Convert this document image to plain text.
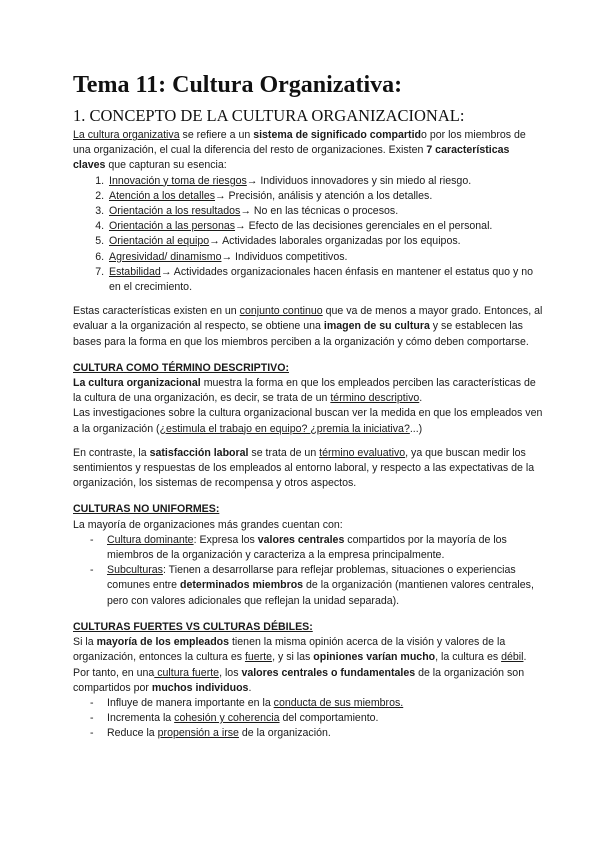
Tema 11: Cultura Organizativa:
1. CONCEPTO DE LA CULTURA ORGANIZACIONAL:

La cultura organizativa se refiere a un sistema de significado compartido por los miembros de una organización, el cual la diferencia del resto de organizaciones. Existen 7 características claves que capturan su esencia:

1. Innovación y toma de riesgos→ Individuos innovadores y sin miedo al riesgo.
2. Atención a los detalles→ Precisión, análisis y atención a los detalles.
3. Orientación a los resultados→ No en las técnicas o procesos.
4. Orientación a las personas→ Efecto de las decisiones gerenciales en el personal.
5. Orientación al equipo→ Actividades laborales organizadas por los equipos.
6. Agresividad/ dinamismo→ Individuos competitivos.
7. Estabilidad→ Actividades organizacionales hacen énfasis en mantener el estatus quo y no en el crecimiento.

Estas características existen en un conjunto continuo que va de menos a mayor grado. Entonces, al evaluar a la organización al respecto, se obtiene una imagen de su cultura y se establecen las bases para la forma en que los miembros perciben a la organización y cómo deben comportarse.

CULTURA COMO TÉRMINO DESCRIPTIVO:

La cultura organizacional muestra la forma en que los empleados perciben las características de la cultura de una organización, es decir, se trata de un término descriptivo.

Las investigaciones sobre la cultura organizacional buscan ver la medida en que los empleados ven a la organización (¿estimula el trabajo en equipo? ¿premia la iniciativa?...)

En contraste, la satisfacción laboral se trata de un término evaluativo, ya que buscan medir los sentimientos y respuestas de los empleados al entorno laboral, y respecto a las expectativas de la organización, los sistemas de recompensa y otros aspectos.

CULTURAS NO UNIFORMES:

La mayoría de organizaciones más grandes cuentan con:

- Cultura dominante: Expresa los valores centrales compartidos por la mayoría de los miembros de la organización y caracteriza a la empresa principalmente.
- Subculturas: Tienen a desarrollarse para reflejar problemas, situaciones o experiencias comunes entre determinados miembros de la organización (mantienen valores centrales, pero con valores adicionales que reflejan la unidad separada).

CULTURAS FUERTES VS CULTURAS DÉBILES:

Si la mayoría de los empleados tienen la misma opinión acerca de la visión y valores de la organización, entonces la cultura es fuerte, y si las opiniones varían mucho, la cultura es débil. Por tanto, en una cultura fuerte, los valores centrales o fundamentales de la organización son compartidos por muchos individuos.

- Influye de manera importante en la conducta de sus miembros.
- Incrementa la cohesión y coherencia del comportamiento.
- Reduce la propensión a irse de la organización.
